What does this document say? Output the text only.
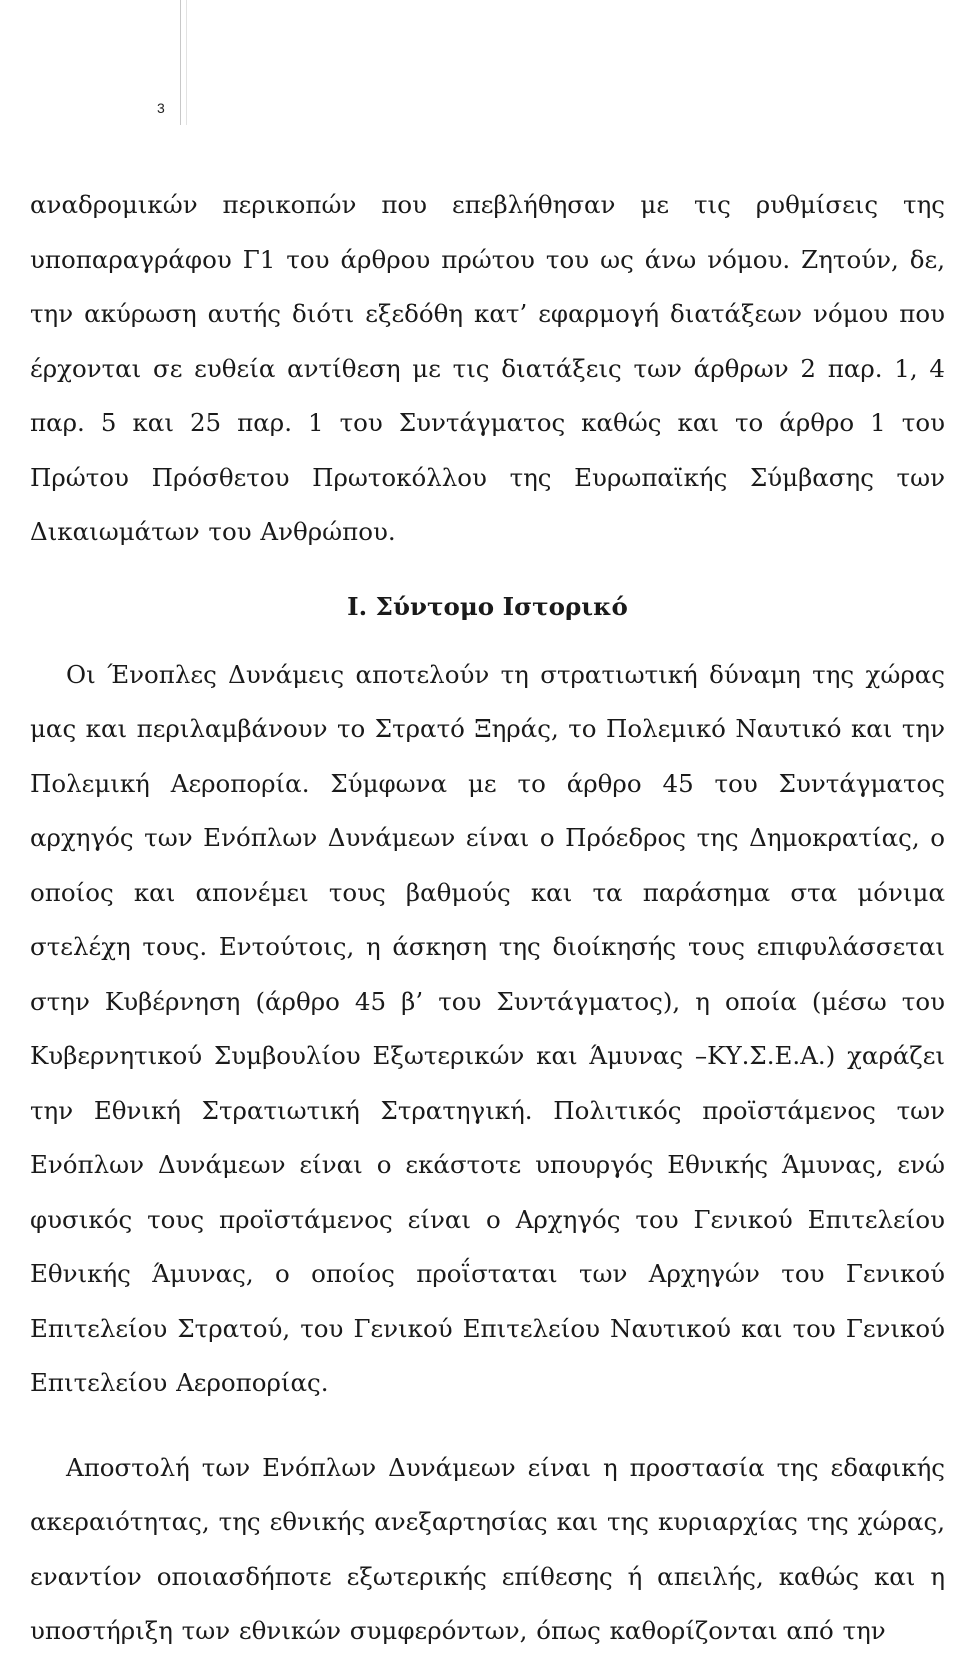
3

αναδρομικών περικοπών που επεβλήθησαν με τις ρυθμίσεις της υποπαραγράφου Γ1 του άρθρου πρώτου του ως άνω νόμου. Ζητούν, δε, την ακύρωση αυτής διότι εξεδόθη κατ’ εφαρμογή διατάξεων νόμου που έρχονται σε ευθεία αντίθεση με τις διατάξεις των άρθρων 2 παρ. 1, 4 παρ. 5 και 25 παρ. 1 του Συντάγματος καθώς και το άρθρο 1 του Πρώτου Πρόσθετου Πρωτοκόλλου της Ευρωπαϊκής Σύμβασης των Δικαιωμάτων του Ανθρώπου.

Ι. Σύντομο Ιστορικό

Οι Ένοπλες Δυνάμεις αποτελούν τη στρατιωτική δύναμη της χώρας μας και περιλαμβάνουν το Στρατό Ξηράς, το Πολεμικό Ναυτικό και την Πολεμική Αεροπορία. Σύμφωνα με το άρθρο 45 του Συντάγματος αρχηγός των Ενόπλων Δυνάμεων είναι ο Πρόεδρος της Δημοκρατίας, ο οποίος και απονέμει τους βαθμούς και τα παράσημα στα μόνιμα στελέχη τους. Εντούτοις, η άσκηση της διοίκησής τους επιφυλάσσεται στην Κυβέρνηση (άρθρο 45 β’ του Συντάγματος), η οποία (μέσω του Κυβερνητικού Συμβουλίου Εξωτερικών και Άμυνας –ΚΥ.Σ.Ε.Α.) χαράζει την Εθνική Στρατιωτική Στρατηγική. Πολιτικός προϊστάμενος των Ενόπλων Δυνάμεων είναι ο εκάστοτε υπουργός Εθνικής Άμυνας, ενώ φυσικός τους προϊστάμενος είναι ο Αρχηγός του Γενικού Επιτελείου Εθνικής Άμυνας, ο οποίος προΐσταται των Αρχηγών του Γενικού Επιτελείου Στρατού, του Γενικού Επιτελείου Ναυτικού και του Γενικού Επιτελείου Αεροπορίας.

Αποστολή των Ενόπλων Δυνάμεων είναι η προστασία της εδαφικής ακεραιότητας, της εθνικής ανεξαρτησίας και της κυριαρχίας της χώρας, εναντίον οποιασδήποτε εξωτερικής επίθεσης ή απειλής, καθώς και η υποστήριξη των εθνικών συμφερόντων, όπως καθορίζονται από την
